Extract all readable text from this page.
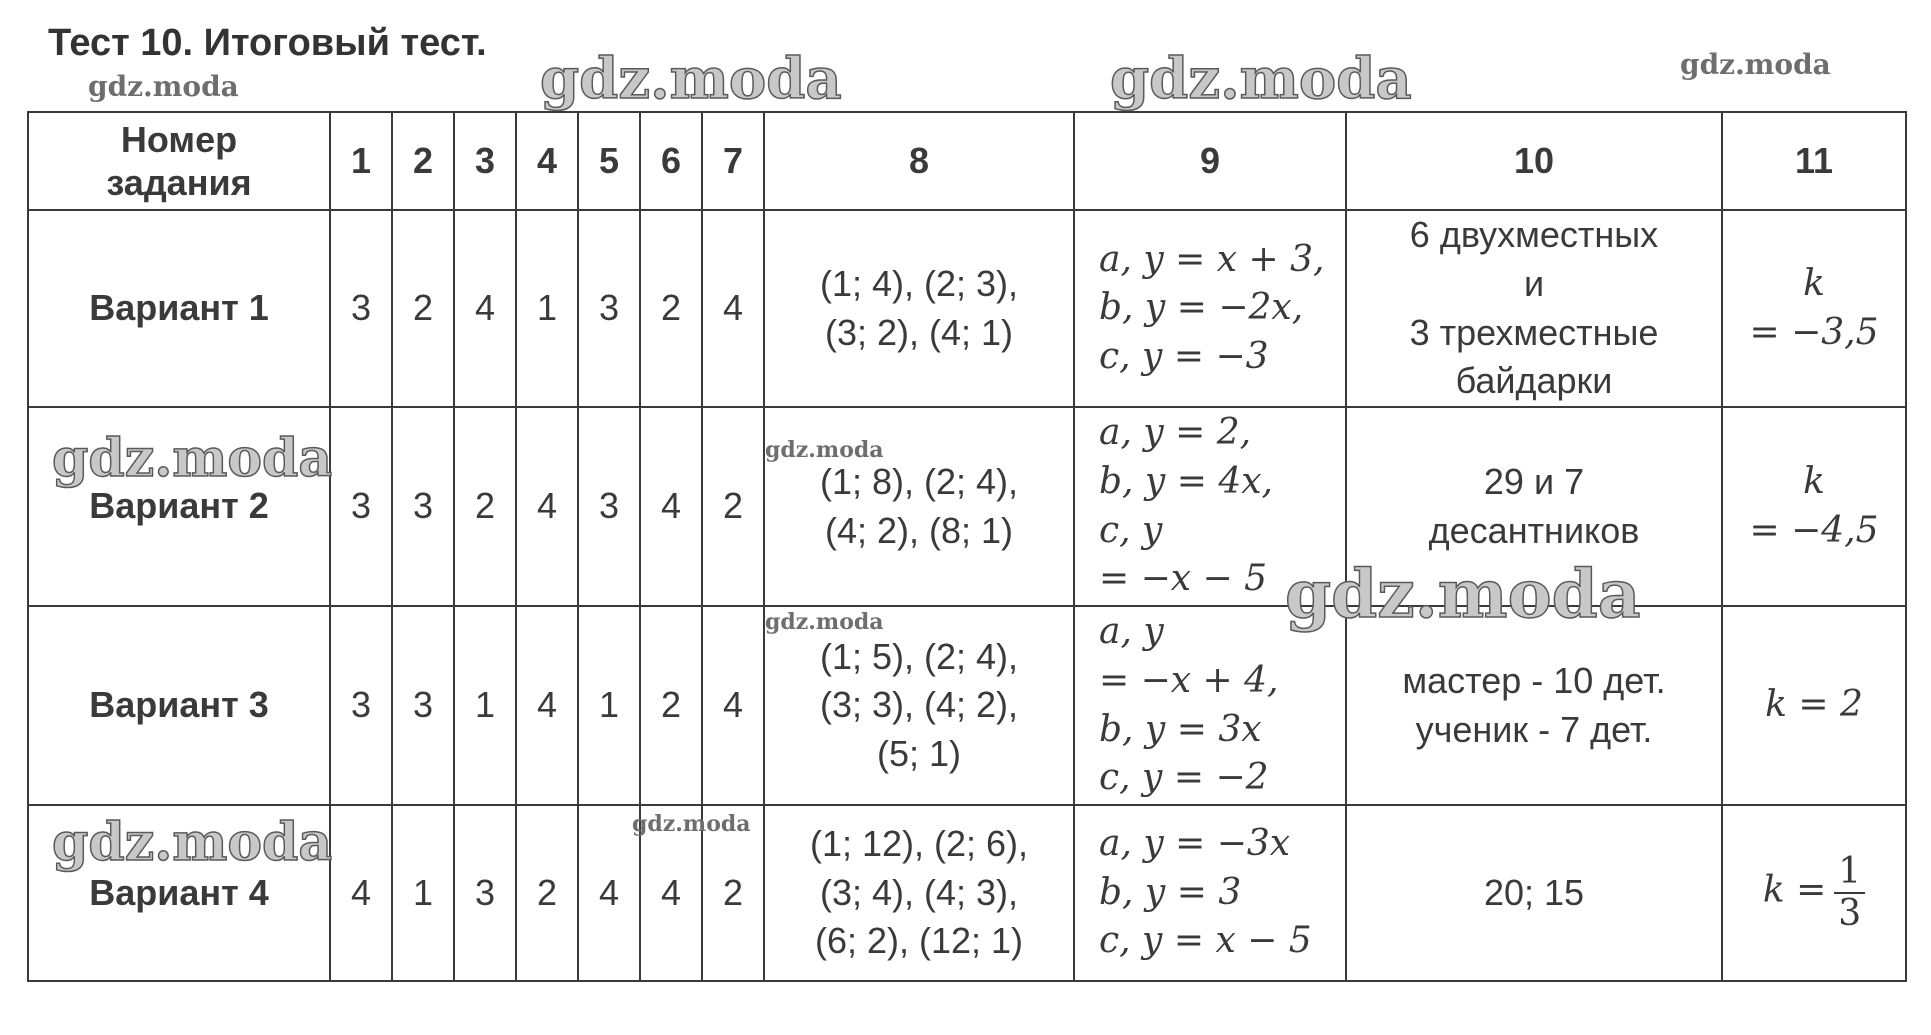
Тест 10. Итоговый тест.
gdz.moda	gdz.moda	gdz.moda	gdz.moda
Номер
задания	1	2	3	4	5	6	7	8	9	10	11
Вариант 1	3	2	4	1	3	2	4	(1; 4), (2; 3),
(3; 2), (4; 1)	a, y = x + 3,
b, y = −2x,
c, y = −3	6 двухместных
и
3 трехместные
байдарки	k
= −3,5
Вариант 2	3	3	2	4	3	4	2	(1; 8), (2; 4),
(4; 2), (8; 1)	a, y = 2,
b, y = 4x,
c, y
= −x − 5	29 и 7
десантников	k
= −4,5
Вариант 3	3	3	1	4	1	2	4	(1; 5), (2; 4),
(3; 3), (4; 2),
(5; 1)	a, y
= −x + 4,
b, y = 3x
c, y = −2	мастер - 10 дет.
ученик - 7 дет.	k = 2
Вариант 4	4	1	3	2	4	4	2	(1; 12), (2; 6),
(3; 4), (4; 3),
(6; 2), (12; 1)	a, y = −3x
b, y = 3
c, y = x − 5	20; 15	$k = \frac{1}{3}$
gdz.moda	gdz.moda
gdz.moda
gdz.moda
gdz.moda
gdz.moda
